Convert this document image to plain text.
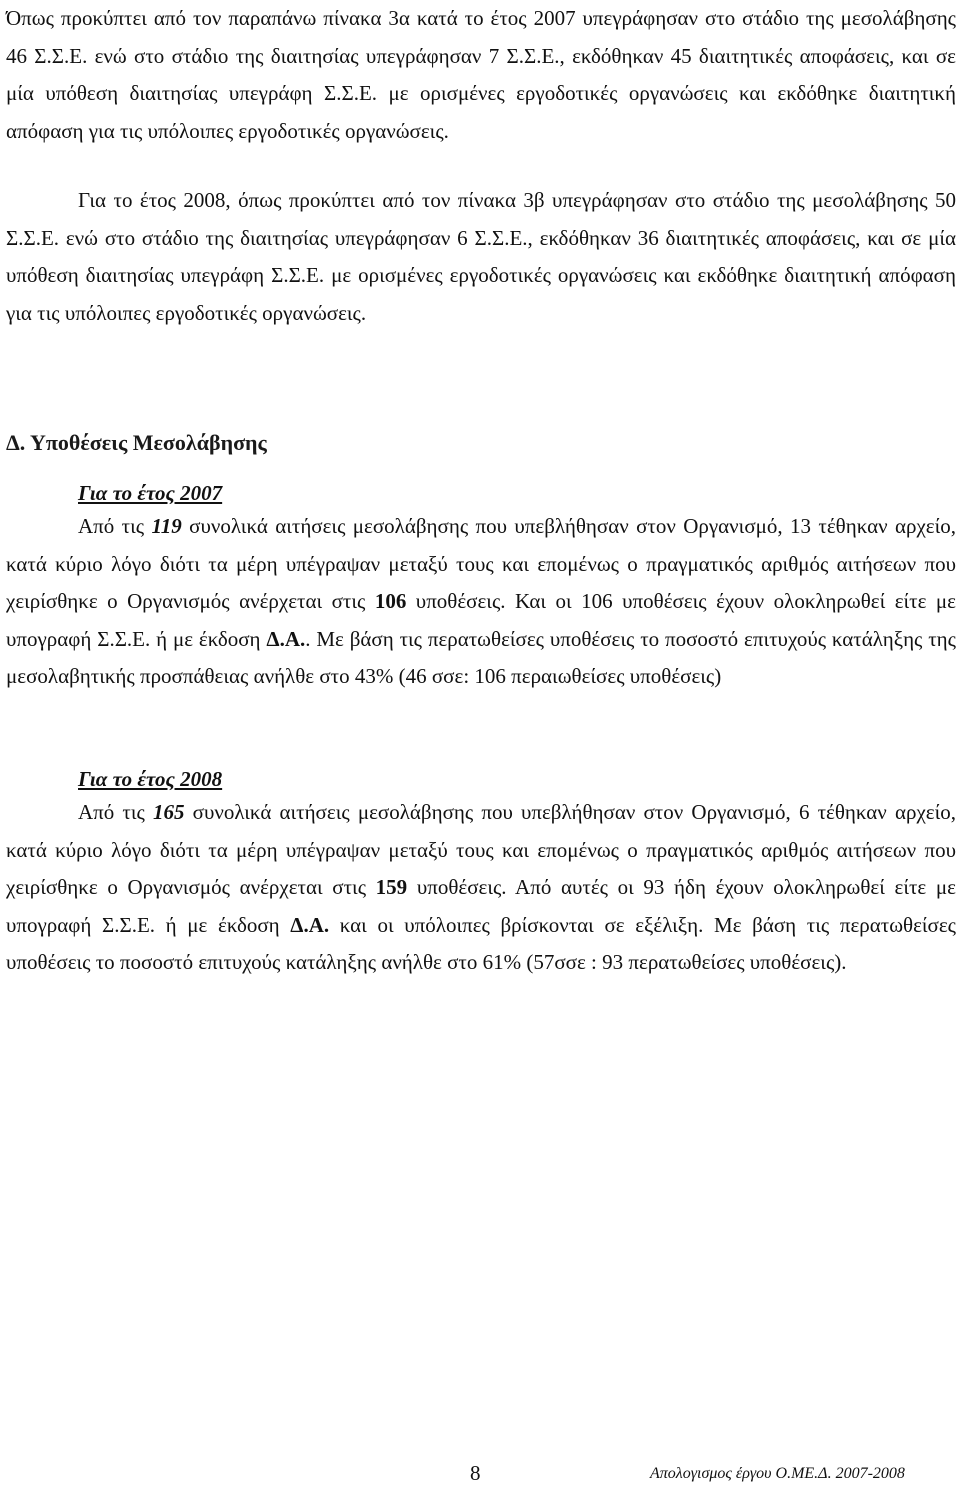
Όπως προκύπτει από τον παραπάνω πίνακα 3α κατά το έτος 2007 υπεγράφησαν στο στάδιο της μεσολάβησης 46 Σ.Σ.Ε. ενώ στο στάδιο της διαιτησίας υπεγράφησαν 7 Σ.Σ.Ε., εκδόθηκαν 45 διαιτητικές αποφάσεις, και σε μία υπόθεση διαιτησίας υπεγράφη Σ.Σ.Ε. με ορισμένες εργοδοτικές οργανώσεις και εκδόθηκε διαιτητική απόφαση για τις υπόλοιπες εργοδοτικές οργανώσεις.

Για το έτος 2008, όπως προκύπτει από τον πίνακα 3β υπεγράφησαν στο στάδιο της μεσολάβησης 50 Σ.Σ.Ε. ενώ στο στάδιο της διαιτησίας υπεγράφησαν 6 Σ.Σ.Ε., εκδόθηκαν 36 διαιτητικές αποφάσεις, και σε μία υπόθεση διαιτησίας υπεγράφη Σ.Σ.Ε. με ορισμένες εργοδοτικές οργανώσεις και εκδόθηκε διαιτητική απόφαση για τις υπόλοιπες εργοδοτικές οργανώσεις.

Δ. Υποθέσεις Μεσολάβησης
Για το έτος 2007

Από τις 119 συνολικά αιτήσεις μεσολάβησης που υπεβλήθησαν στον Οργανισμό, 13 τέθηκαν αρχείο, κατά κύριο λόγο διότι τα μέρη υπέγραψαν μεταξύ τους και επομένως ο πραγματικός αριθμός αιτήσεων που χειρίσθηκε ο Οργανισμός ανέρχεται στις 106 υποθέσεις. Και οι 106 υποθέσεις έχουν ολοκληρωθεί είτε με υπογραφή Σ.Σ.Ε. ή με έκδοση Δ.Α.. Με βάση τις περατωθείσες υποθέσεις το ποσοστό επιτυχούς κατάληξης της μεσολαβητικής προσπάθειας ανήλθε στο 43% (46 σσε: 106 περαιωθείσες υποθέσεις)

Για το έτος 2008

Από τις 165 συνολικά αιτήσεις μεσολάβησης που υπεβλήθησαν στον Οργανισμό, 6 τέθηκαν αρχείο, κατά κύριο λόγο διότι τα μέρη υπέγραψαν μεταξύ τους και επομένως ο πραγματικός αριθμός αιτήσεων που χειρίσθηκε ο Οργανισμός ανέρχεται στις 159 υποθέσεις. Από αυτές οι 93 ήδη έχουν ολοκληρωθεί είτε με υπογραφή Σ.Σ.Ε. ή με έκδοση Δ.Α. και οι υπόλοιπες βρίσκονται σε εξέλιξη. Με βάση τις περατωθείσες υποθέσεις το ποσοστό επιτυχούς κατάληξης ανήλθε στο 61% (57σσε : 93 περατωθείσες υποθέσεις).

8	Απολογισμος έργου Ο.ΜΕ.Δ. 2007-2008
